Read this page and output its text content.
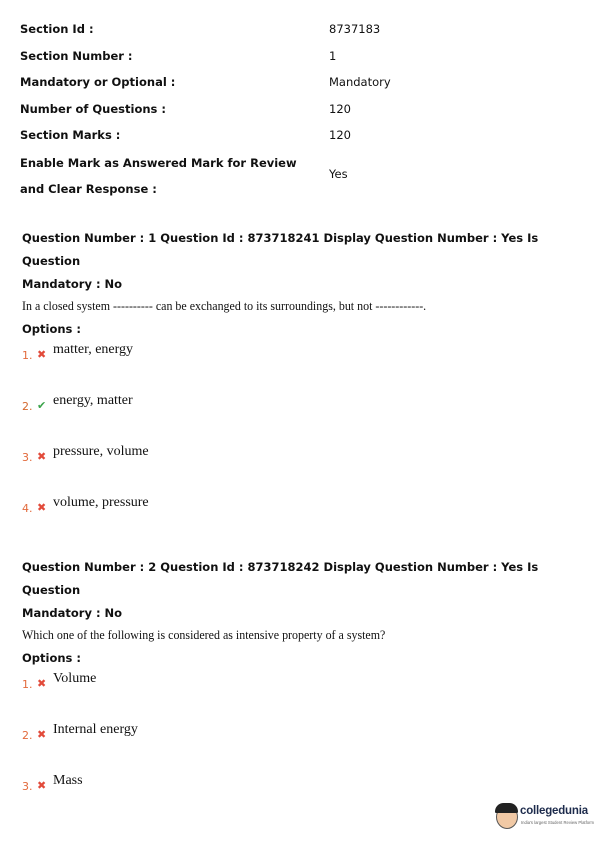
Section Id :	8737183
Section Number :	1
Mandatory or Optional :	Mandatory
Number of Questions :	120
Section Marks :	120
Enable Mark as Answered Mark for Review and Clear Response :
Yes
Question Number : 1 Question Id : 873718241 Display Question Number : Yes Is Question
Mandatory : No
In a closed system ---------- can be exchanged to its surroundings, but not ------------.
Options :
1. ✖ matter, energy
2. ✔ energy, matter
3. ✖ pressure, volume
4. ✖ volume, pressure
Question Number : 2 Question Id : 873718242 Display Question Number : Yes Is Question
Mandatory : No
Which one of the following is considered as intensive property of a system?
Options :
1. ✖ Volume
2. ✖ Internal energy
3. ✖ Mass
collegedunia
India's largest Student Review Platform
